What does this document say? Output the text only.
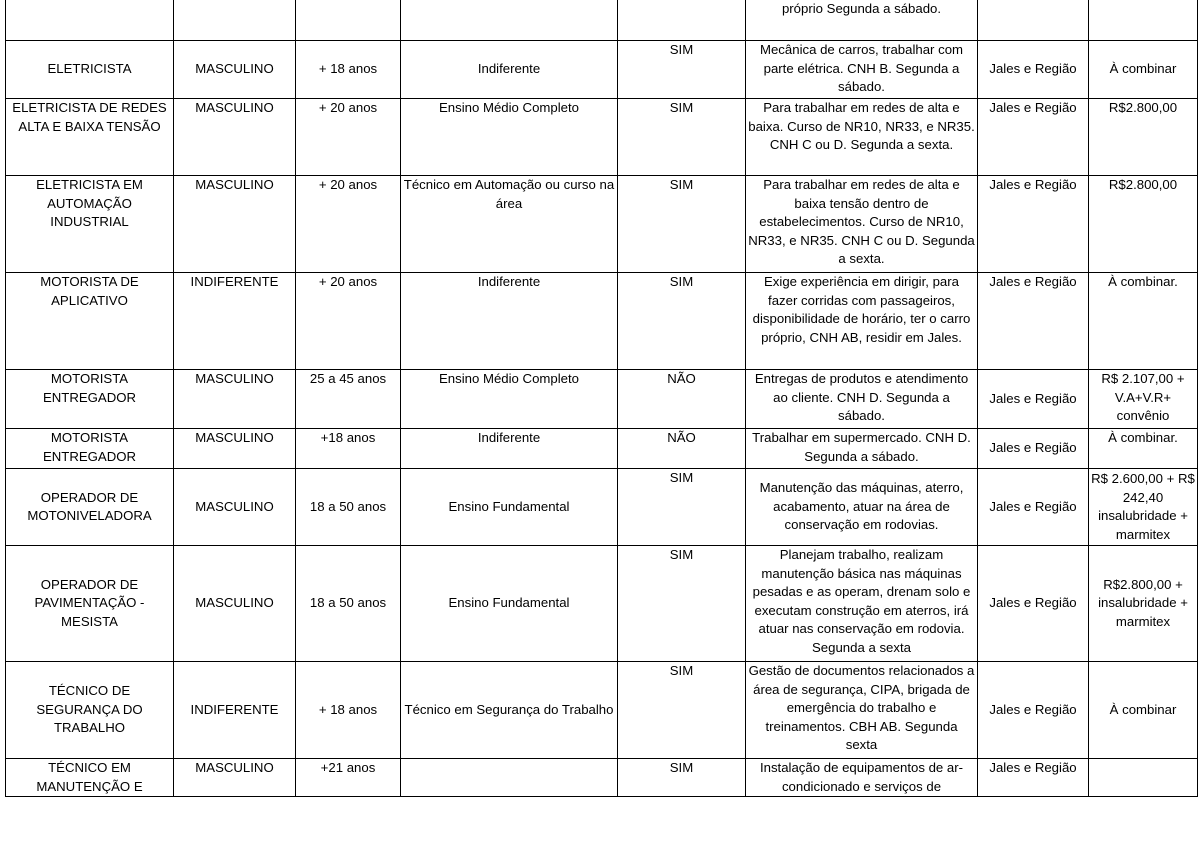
					próprio Segunda a sábado.		
ELETRICISTA	MASCULINO	+ 18 anos	Indiferente	SIM	Mecânica de carros, trabalhar com parte elétrica. CNH B. Segunda a sábado.	Jales e Região	À combinar
ELETRICISTA DE REDES ALTA E BAIXA TENSÃO	MASCULINO	+ 20 anos	Ensino Médio Completo	SIM	Para trabalhar em redes de alta e baixa. Curso de NR10, NR33, e NR35. CNH C ou D. Segunda a sexta.	Jales e Região	R$2.800,00
ELETRICISTA EM AUTOMAÇÃO INDUSTRIAL	MASCULINO	+ 20 anos	Técnico em Automação ou curso na área	SIM	Para trabalhar em redes de alta e baixa tensão dentro de estabelecimentos. Curso de NR10, NR33, e NR35. CNH C ou D. Segunda a sexta.	Jales e Região	R$2.800,00
MOTORISTA DE APLICATIVO	INDIFERENTE	+ 20 anos	Indiferente	SIM	Exige experiência em dirigir, para fazer corridas com passageiros, disponibilidade de horário, ter o carro próprio, CNH AB, residir em Jales.	Jales e Região	À combinar.
MOTORISTA ENTREGADOR	MASCULINO	25 a 45 anos	Ensino Médio Completo	NÃO	Entregas de produtos e atendimento ao cliente. CNH D. Segunda a sábado.	Jales e Região	R$ 2.107,00 + V.A+V.R+ convênio
MOTORISTA ENTREGADOR	MASCULINO	+18 anos	Indiferente	NÃO	Trabalhar em supermercado. CNH D. Segunda a sábado.	Jales e Região	À combinar.
OPERADOR DE MOTONIVELADORA	MASCULINO	18 a 50 anos	Ensino Fundamental	SIM	Manutenção das máquinas, aterro, acabamento, atuar na área de conservação em rodovias.	Jales e Região	R$ 2.600,00 + R$ 242,40 insalubridade + marmitex
OPERADOR DE PAVIMENTAÇÃO - MESISTA	MASCULINO	18 a 50 anos	Ensino Fundamental	SIM	Planejam trabalho, realizam manutenção básica nas máquinas pesadas e as operam, drenam solo e executam construção em aterros, irá atuar nas conservação em rodovia. Segunda a sexta	Jales e Região	R$2.800,00 + insalubridade + marmitex
TÉCNICO DE SEGURANÇA DO TRABALHO	INDIFERENTE	+ 18 anos	Técnico em Segurança do Trabalho	SIM	Gestão de documentos relacionados a área de segurança, CIPA, brigada de emergência do trabalho e treinamentos. CBH AB. Segunda sexta	Jales e Região	À combinar
TÉCNICO EM MANUTENÇÃO E	MASCULINO	+21 anos		SIM	Instalação de equipamentos de ar-condicionado e serviços de	Jales e Região	
